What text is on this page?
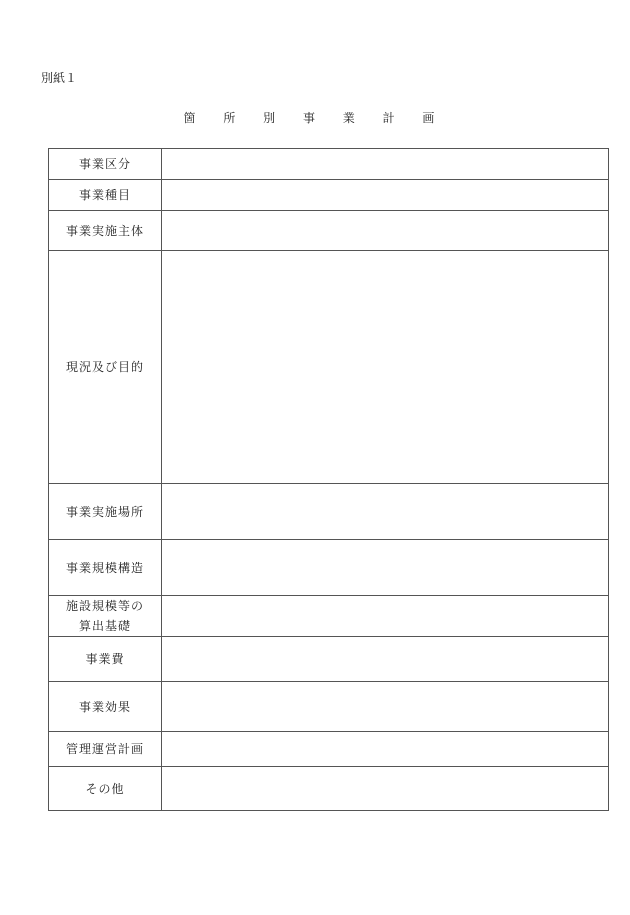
別紙１
箇 所 別 事 業 計 画
事業区分	
事業種目	
事業実施主体	
現況及び目的	
事業実施場所	
事業規模構造	

施設規模等の
算出基礎	

事業費	
事業効果	
管理運営計画	
その他	
